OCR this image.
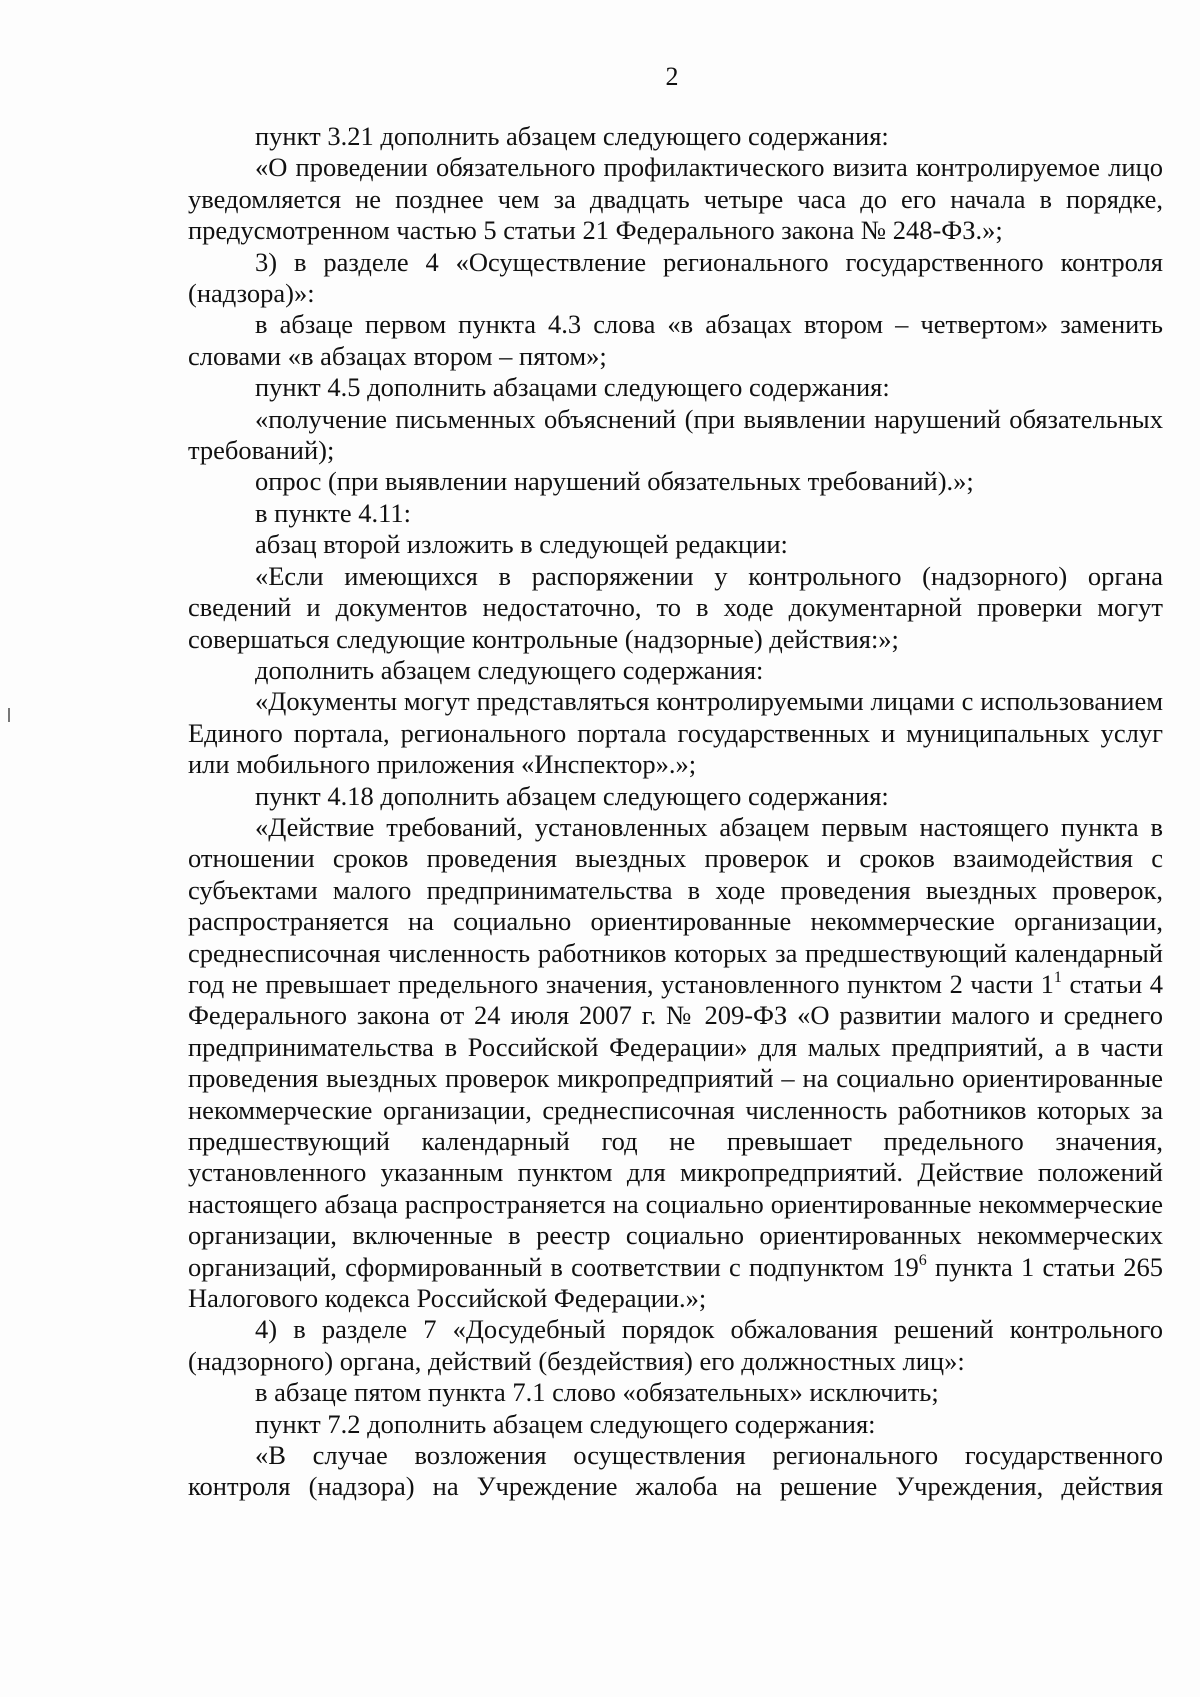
2

пункт 3.21 дополнить абзацем следующего содержания:

«О проведении обязательного профилактического визита контролируемое лицо уведомляется не позднее чем за двадцать четыре часа до его начала в порядке, предусмотренном частью 5 статьи 21 Федерального закона № 248-ФЗ.»;

3) в разделе 4 «Осуществление регионального государственного контроля (надзора)»:

в абзаце первом пункта 4.3 слова «в абзацах втором – четвертом» заменить словами «в абзацах втором – пятом»;

пункт 4.5 дополнить абзацами следующего содержания:

«получение письменных объяснений (при выявлении нарушений обязательных требований);

опрос (при выявлении нарушений обязательных требований).»;

в пункте 4.11:

абзац второй изложить в следующей редакции:

«Если имеющихся в распоряжении у контрольного (надзорного) органа сведений и документов недостаточно, то в ходе документарной проверки могут совершаться следующие контрольные (надзорные) действия:»;

дополнить абзацем следующего содержания:

«Документы могут представляться контролируемыми лицами с использованием Единого портала, регионального портала государственных и муниципальных услуг или мобильного приложения «Инспектор».»;

пункт 4.18 дополнить абзацем следующего содержания:

«Действие требований, установленных абзацем первым настоящего пункта в отношении сроков проведения выездных проверок и сроков взаимодействия с субъектами малого предпринимательства в ходе проведения выездных проверок, распространяется на социально ориентированные некоммерческие организации, среднесписочная численность работников которых за предшествующий календарный год не превышает предельного значения, установленного пунктом 2 части $1^1$ статьи 4 Федерального закона от 24 июля 2007 г. № 209-ФЗ «О развитии малого и среднего предпринимательства в Российской Федерации» для малых предприятий, а в части проведения выездных проверок микропредприятий – на социально ориентированные некоммерческие организации, среднесписочная численность работников которых за предшествующий календарный год не превышает предельного значения, установленного указанным пунктом для микропредприятий. Действие положений настоящего абзаца распространяется на социально ориентированные некоммерческие организации, включенные в реестр социально ориентированных некоммерческих организаций, сформированный в соответствии с подпунктом $19^6$ пункта 1 статьи 265 Налогового кодекса Российской Федерации.»;

4) в разделе 7 «Досудебный порядок обжалования решений контрольного (надзорного) органа, действий (бездействия) его должностных лиц»:

в абзаце пятом пункта 7.1 слово «обязательных» исключить;

пункт 7.2 дополнить абзацем следующего содержания:

«В случае возложения осуществления регионального государственного контроля (надзора) на Учреждение жалоба на решение Учреждения, действия
